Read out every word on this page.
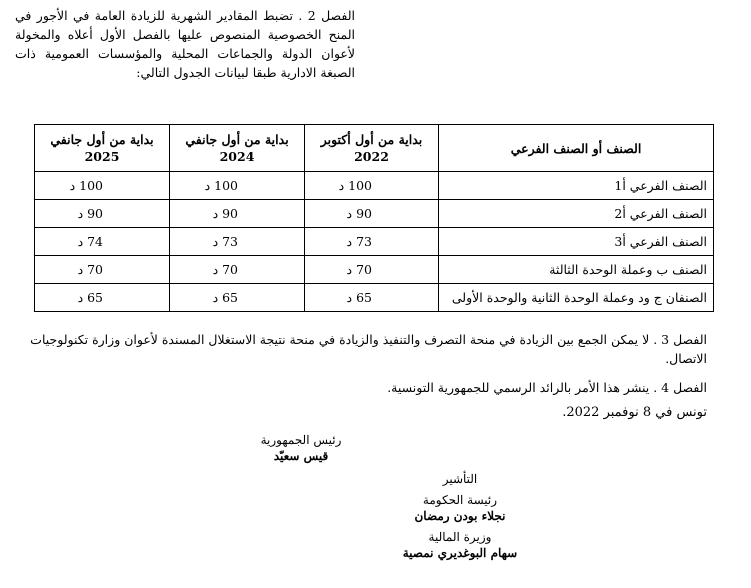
الفصل 2 . تضبط المقادير الشهرية للزيادة العامة في الأجور في المنح الخصوصية المنصوص عليها بالفصل الأول أعلاه والمخولة لأعوان الدولة والجماعات المحلية والمؤسسات العمومية ذات الصبغة الادارية طبقا لبيانات الجدول التالي:
الصنف أو الصنف الفرعي	بداية من أول أكتوبر 2022	بداية من أول جانفي 2024	بداية من أول جانفي 2025
الصنف الفرعي أ1	100 د	100 د	100 د
الصنف الفرعي أ2	90 د	90 د	90 د
الصنف الفرعي أ3	73 د	73 د	74 د
الصنف ب وعملة الوحدة الثالثة	70 د	70 د	70 د
الصنفان ج ود وعملة الوحدة الثانية والوحدة الأولى	65 د	65 د	65 د
الفصل 3 . لا يمكن الجمع بين الزيادة في منحة التصرف والتنفيذ والزيادة في منحة نتيجة الاستغلال المسندة لأعوان وزارة تكنولوجيات الاتصال.
الفصل 4 . ينشر هذا الأمر بالرائد الرسمي للجمهورية التونسية.
تونس في 8 نوفمبر 2022.
رئيس الجمهورية
قيس سعيّد
التأشير
رئيسة الحكومة
نجلاء بودن رمضان
وزيرة المالية
سهام البوغديري نمصية
